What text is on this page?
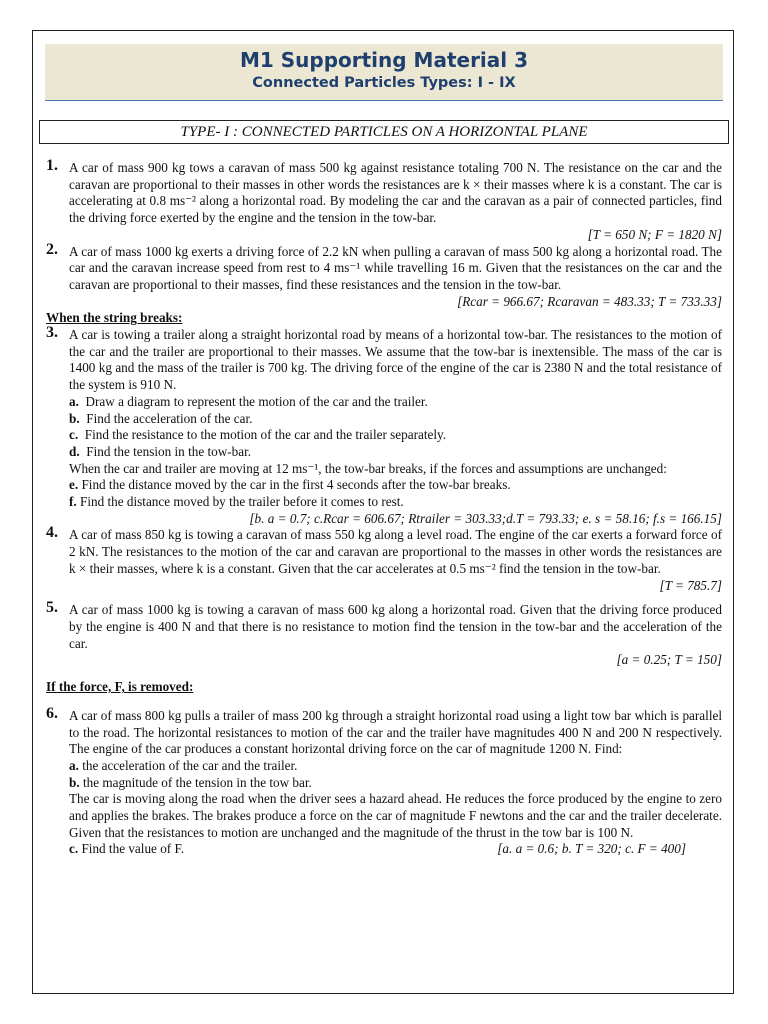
M1 Supporting Material 3
Connected Particles Types: I - IX
TYPE- I : CONNECTED PARTICLES ON A HORIZONTAL PLANE
1. A car of mass 900 kg tows a caravan of mass 500 kg against resistance totaling 700 N. The resistance on the car and the caravan are proportional to their masses in other words the resistances are k × their masses where k is a constant. The car is accelerating at 0.8 ms⁻² along a horizontal road. By modeling the car and the caravan as a pair of connected particles, find the driving force exerted by the engine and the tension in the tow-bar.
[T = 650 N; F = 1820 N]
2. A car of mass 1000 kg exerts a driving force of 2.2 kN when pulling a caravan of mass 500 kg along a horizontal road. The car and the caravan increase speed from rest to 4 ms⁻¹ while travelling 16 m. Given that the resistances on the car and the caravan are proportional to their masses, find these resistances and the tension in the tow-bar.
[Rcar = 966.67; Rcaravan = 483.33; T = 733.33]
When the string breaks:
3. A car is towing a trailer along a straight horizontal road by means of a horizontal tow-bar. The resistances to the motion of the car and the trailer are proportional to their masses. We assume that the tow-bar is inextensible. The mass of the car is 1400 kg and the mass of the trailer is 700 kg. The driving force of the engine of the car is 2380 N and the total resistance of the system is 910 N.
a. Draw a diagram to represent the motion of the car and the trailer.
b. Find the acceleration of the car.
c. Find the resistance to the motion of the car and the trailer separately.
d. Find the tension in the tow-bar.
When the car and trailer are moving at 12 ms⁻¹, the tow-bar breaks, if the forces and assumptions are unchanged:
e. Find the distance moved by the car in the first 4 seconds after the tow-bar breaks.
f. Find the distance moved by the trailer before it comes to rest.
[b. a = 0.7; c.Rcar = 606.67; Rtrailer = 303.33;d.T = 793.33; e. s = 58.16; f.s = 166.15]
4. A car of mass 850 kg is towing a caravan of mass 550 kg along a level road. The engine of the car exerts a forward force of 2 kN. The resistances to the motion of the car and caravan are proportional to the masses in other words the resistances are k × their masses, where k is a constant. Given that the car accelerates at 0.5 ms⁻² find the tension in the tow-bar.
[T = 785.7]
5. A car of mass 1000 kg is towing a caravan of mass 600 kg along a horizontal road. Given that the driving force produced by the engine is 400 N and that there is no resistance to motion find the tension in the tow-bar and the acceleration of the car.
[a = 0.25; T = 150]
If the force, F, is removed:
6. A car of mass 800 kg pulls a trailer of mass 200 kg through a straight horizontal road using a light tow bar which is parallel to the road. The horizontal resistances to motion of the car and the trailer have magnitudes 400 N and 200 N respectively. The engine of the car produces a constant horizontal driving force on the car of magnitude 1200 N. Find:
a. the acceleration of the car and the trailer.
b. the magnitude of the tension in the tow bar.
The car is moving along the road when the driver sees a hazard ahead. He reduces the force produced by the engine to zero and applies the brakes. The brakes produce a force on the car of magnitude F newtons and the car and the trailer decelerate. Given that the resistances to motion are unchanged and the magnitude of the thrust in the tow bar is 100 N.
c. Find the value of F.	[a. a = 0.6; b. T = 320; c. F = 400]
